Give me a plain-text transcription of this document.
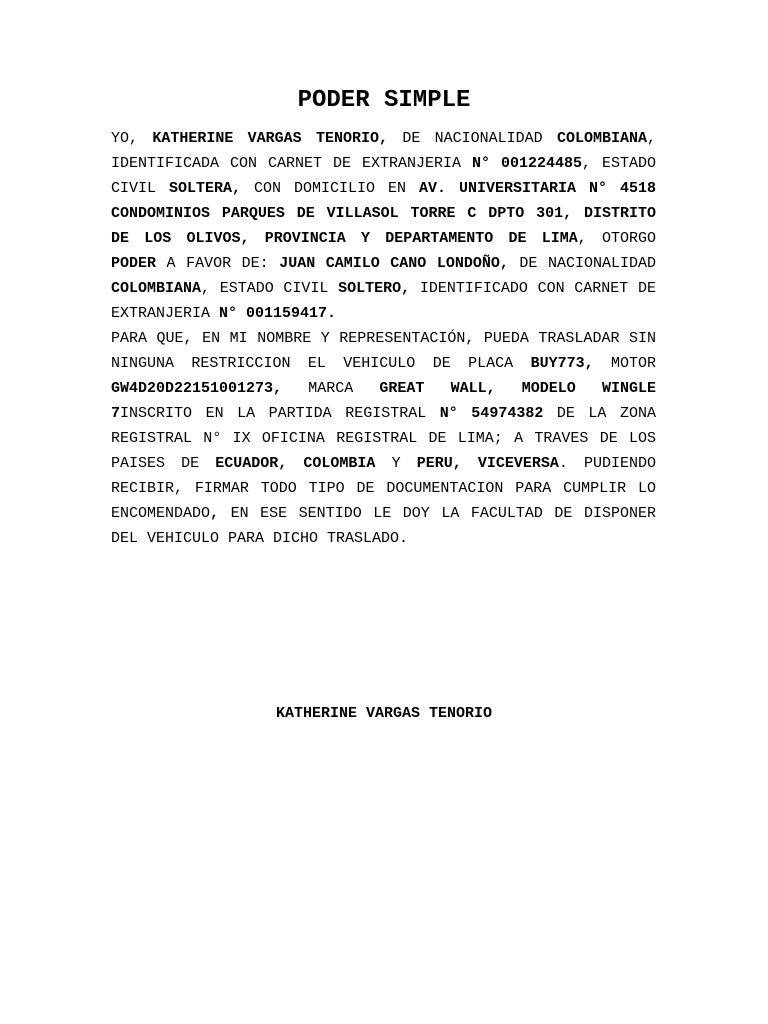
PODER SIMPLE

YO, KATHERINE VARGAS TENORIO, DE NACIONALIDAD COLOMBIANA, IDENTIFICADA CON CARNET DE EXTRANJERIA N° 001224485, ESTADO CIVIL SOLTERA, CON DOMICILIO EN AV. UNIVERSITARIA N° 4518 CONDOMINIOS PARQUES DE VILLASOL TORRE C DPTO 301, DISTRITO DE LOS OLIVOS, PROVINCIA Y DEPARTAMENTO DE LIMA, OTORGO PODER A FAVOR DE: JUAN CAMILO CANO LONDOÑO, DE NACIONALIDAD COLOMBIANA, ESTADO CIVIL SOLTERO, IDENTIFICADO CON CARNET DE EXTRANJERIA N° 001159417.

PARA QUE, EN MI NOMBRE Y REPRESENTACIÓN, PUEDA TRASLADAR SIN NINGUNA RESTRICCION EL VEHICULO DE PLACA BUY773, MOTOR GW4D20D22151001273, MARCA GREAT WALL, MODELO WINGLE 7INSCRITO EN LA PARTIDA REGISTRAL N° 54974382 DE LA ZONA REGISTRAL N° IX OFICINA REGISTRAL DE LIMA; A TRAVES DE LOS PAISES DE ECUADOR, COLOMBIA Y PERU, VICEVERSA. PUDIENDO RECIBIR, FIRMAR TODO TIPO DE DOCUMENTACION PARA CUMPLIR LO ENCOMENDADO, EN ESE SENTIDO LE DOY LA FACULTAD DE DISPONER DEL VEHICULO PARA DICHO TRASLADO.

KATHERINE VARGAS TENORIO
